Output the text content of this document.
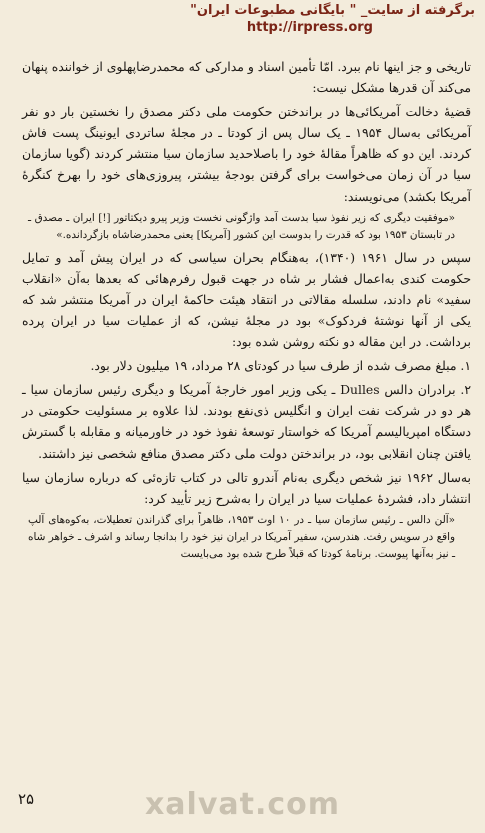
برگرفته از سایت_ " بایگانی مطبوعات ایران"
http://irpress.org

تاریخی و جز اینها نام ببرد. امّا تأمین اسناد و مدارکی که محمدرضاپهلوی از خواننده پنهان می‌کند آن قدرها مشکل نیست:

قضیهٔ دخالت آمریکائی‌ها در براندختن حکومت ملی دکتر مصدق را نخستین بار دو نفر آمریکائی به‌سال ۱۹۵۴ ـ یک سال پس از کودتا ـ در مجلهٔ ساتردی ایونینگ پست فاش کردند. این دو که ظاهراً مقالهٔ خود را باصلاحدید سازمان سیا منتشر کردند (گویا سازمان سیا در آن زمان می‌خواست برای گرفتن بودجهٔ بیشتر، پیروزی‌های خود را بهرخ کنگرهٔ آمریکا بکشد) می‌نویسند:

«موفقیت دیگری که زیر نفوذ سیا بدست آمد واژگونی نخست وزیر پیرو دیکتاتور [!] ایران ـ مصدق ـ در تابستان ۱۹۵۳ بود که قدرت را بدوست این کشور [آمریکا] یعنی محمدرضاشاه بازگردانده.»

سپس در سال ۱۹۶۱ (۱۳۴۰)، به‌هنگام بحران سیاسی که در ایران پیش آمد و تمایل حکومت کندی به‌اعمال فشار بر شاه در جهت قبول رفرم‌هائی که بعدها به‌آن «انقلاب سفید» نام دادند، سلسله مقالاتی در انتقاد هیئت حاکمهٔ ایران در آمریکا منتشر شد که یکی از آنها نوشتهٔ فردکوک» بود در مجلهٔ نیشن، که از عملیات سیا در ایران پرده برداشت. در این مقاله دو نکته روشن شده بود:

۱. مبلغ مصرف شده از طرف سیا در کودتای ۲۸ مرداد، ۱۹ میلیون دلار بود.

۲. برادران دالس Dulles ـ یکی وزیر امور خارجهٔ آمریکا و دیگری رئیس سازمان سیا ـ هر دو در شرکت نفت ایران و انگلیس ذی‌نفع بودند. لذا علاوه بر مسئولیت حکومتی در دستگاه امپریالیسم آمریکا که خواستار توسعهٔ نفوذ خود در خاورمیانه و مقابله با گسترش یافتن چنان انقلابی بود، در براندختن دولت ملی دکتر مصدق منافع شخصی نیز داشتند.

به‌سال ۱۹۶۲ نیز شخص دیگری به‌نام آندرو تالی در کتاب تازه‌ئی که درباره سازمان سیا انتشار داد، فشردهٔ عملیات سیا در ایران را به‌شرح زیر تأیید کرد:

«آلن دالس ـ رئیس سازمان سیا ـ در ۱۰ اوت ۱۹۵۳، ظاهراً برای گذراندن تعطیلات، به‌کوه‌های آلپ واقع در سویس رفت. هندرسن، سفیر آمریکا در ایران نیز خود را بدانجا رساند و اشرف ـ خواهر شاه ـ نیز به‌آنها پیوست. برنامهٔ کودتا که قبلاً طرح شده بود می‌بایست

۲۵	xalvat.com
